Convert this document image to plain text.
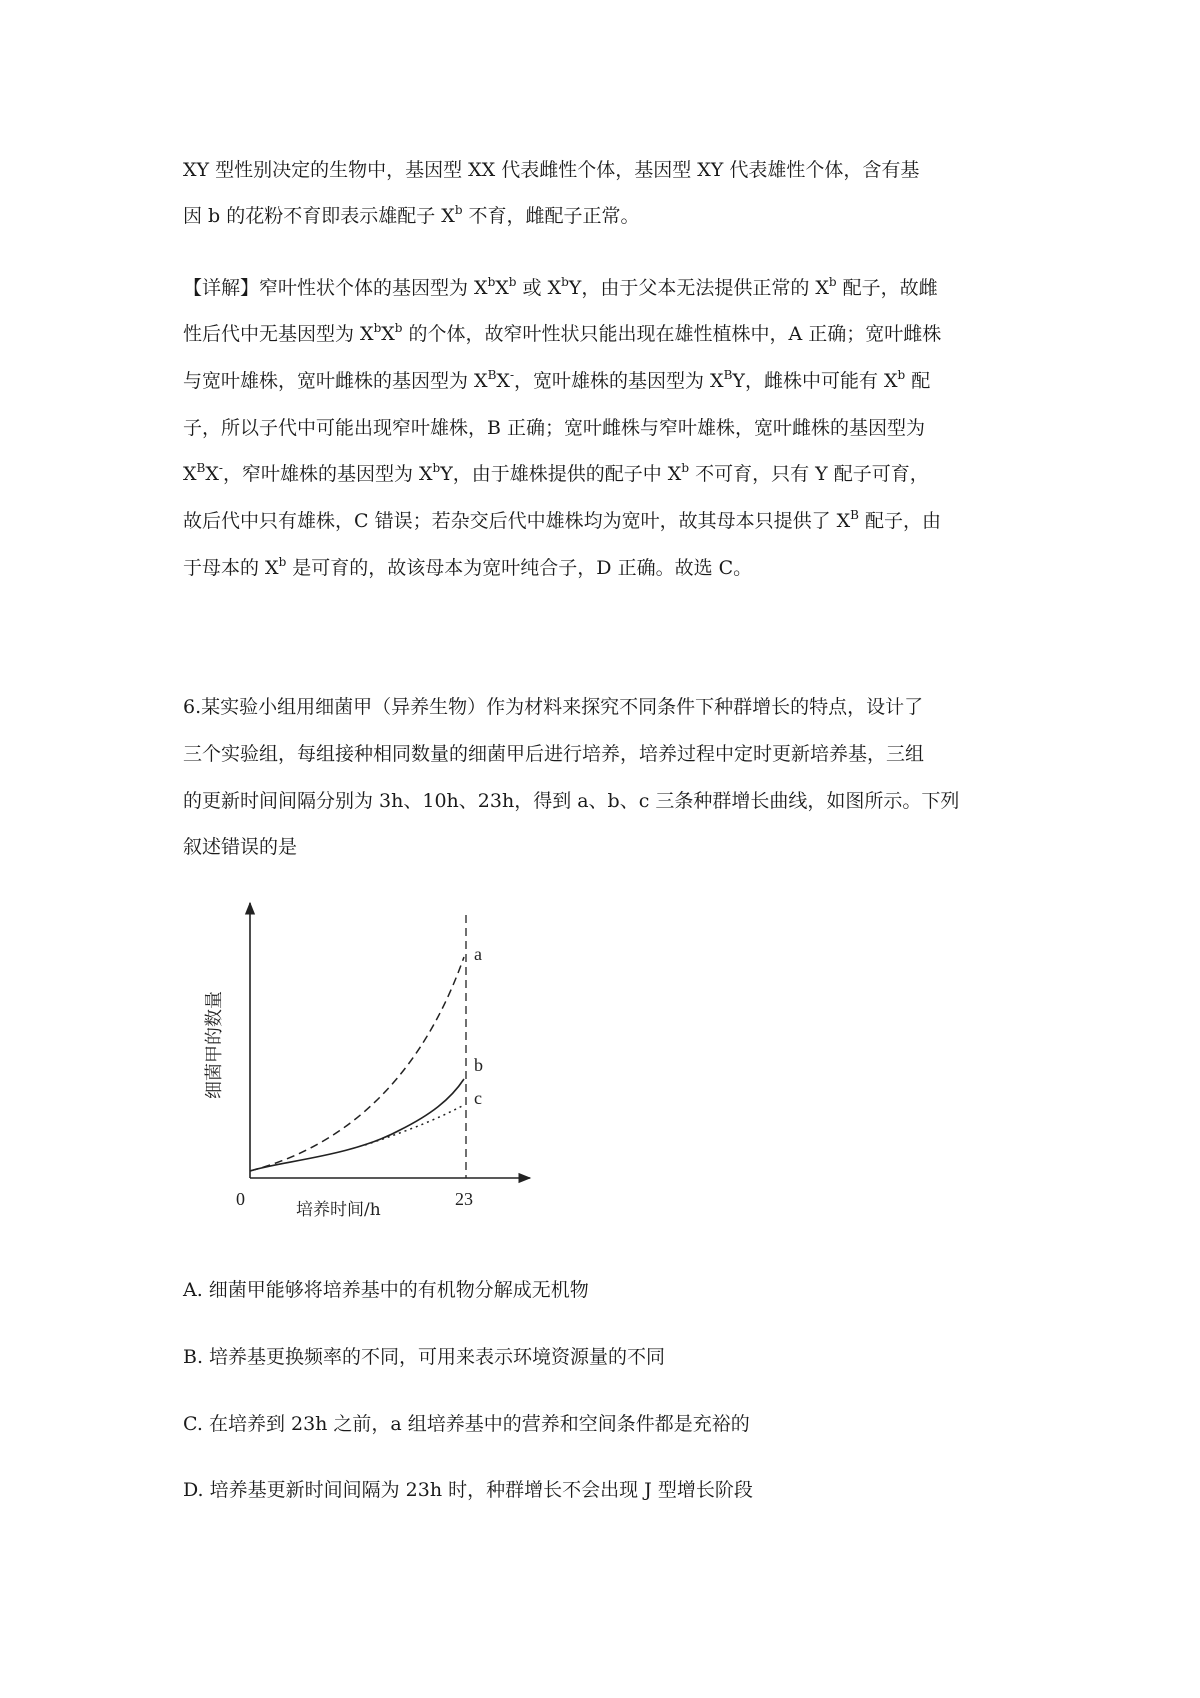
XY 型性别决定的生物中，基因型 XX 代表雌性个体，基因型 XY 代表雄性个体，含有基
因 b 的花粉不育即表示雄配子 $X^b$ 不育，雌配子正常。
【详解】窄叶性状个体的基因型为 $X^bX^b$ 或 $X^bY$，由于父本无法提供正常的 $X^b$ 配子，故雌
性后代中无基因型为 $X^bX^b$ 的个体，故窄叶性状只能出现在雄性植株中，A 正确；宽叶雌株
与宽叶雄株，宽叶雌株的基因型为 $X^BX^-$，宽叶雄株的基因型为 $X^BY$，雌株中可能有 $X^b$ 配
子，所以子代中可能出现窄叶雄株，B 正确；宽叶雌株与窄叶雄株，宽叶雌株的基因型为
$X^BX^-$，窄叶雄株的基因型为 $X^bY$，由于雄株提供的配子中 $X^b$ 不可育，只有 Y 配子可育，
故后代中只有雄株，C 错误；若杂交后代中雄株均为宽叶，故其母本只提供了 $X^B$ 配子，由
于母本的 $X^b$ 是可育的，故该母本为宽叶纯合子，D 正确。故选 C。
6.某实验小组用细菌甲（异养生物）作为材料来探究不同条件下种群增长的特点，设计了
三个实验组，每组接种相同数量的细菌甲后进行培养，培养过程中定时更新培养基，三组
的更新时间间隔分别为 3h、10h、23h，得到 a、b、c 三条种群增长曲线，如图所示。下列
叙述错误的是
a
b
c
0	23
培养时间/h
细菌甲的数量
A. 细菌甲能够将培养基中的有机物分解成无机物
B. 培养基更换频率的不同，可用来表示环境资源量的不同
C. 在培养到 23h 之前，a 组培养基中的营养和空间条件都是充裕的
D. 培养基更新时间间隔为 23h 时，种群增长不会出现 J 型增长阶段
